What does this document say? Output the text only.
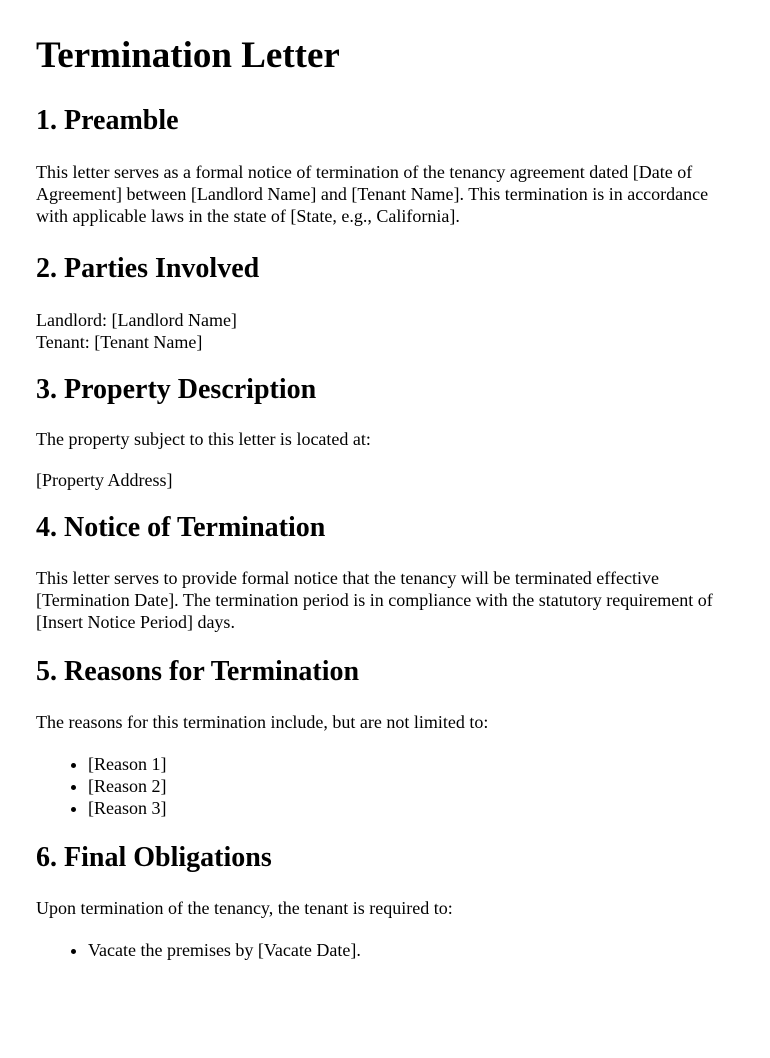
Termination Letter
1. Preamble

This letter serves as a formal notice of termination of the tenancy agreement dated [Date of Agreement] between [Landlord Name] and [Tenant Name]. This termination is in accordance with applicable laws in the state of [State, e.g., California].

2. Parties Involved

Landlord: [Landlord Name]

Tenant: [Tenant Name]

3. Property Description

The property subject to this letter is located at:

[Property Address]

4. Notice of Termination

This letter serves to provide formal notice that the tenancy will be terminated effective [Termination Date]. The termination period is in compliance with the statutory requirement of [Insert Notice Period] days.

5. Reasons for Termination

The reasons for this termination include, but are not limited to:

• [Reason 1]
• [Reason 2]
• [Reason 3]
6. Final Obligations

Upon termination of the tenancy, the tenant is required to:

• Vacate the premises by [Vacate Date].
